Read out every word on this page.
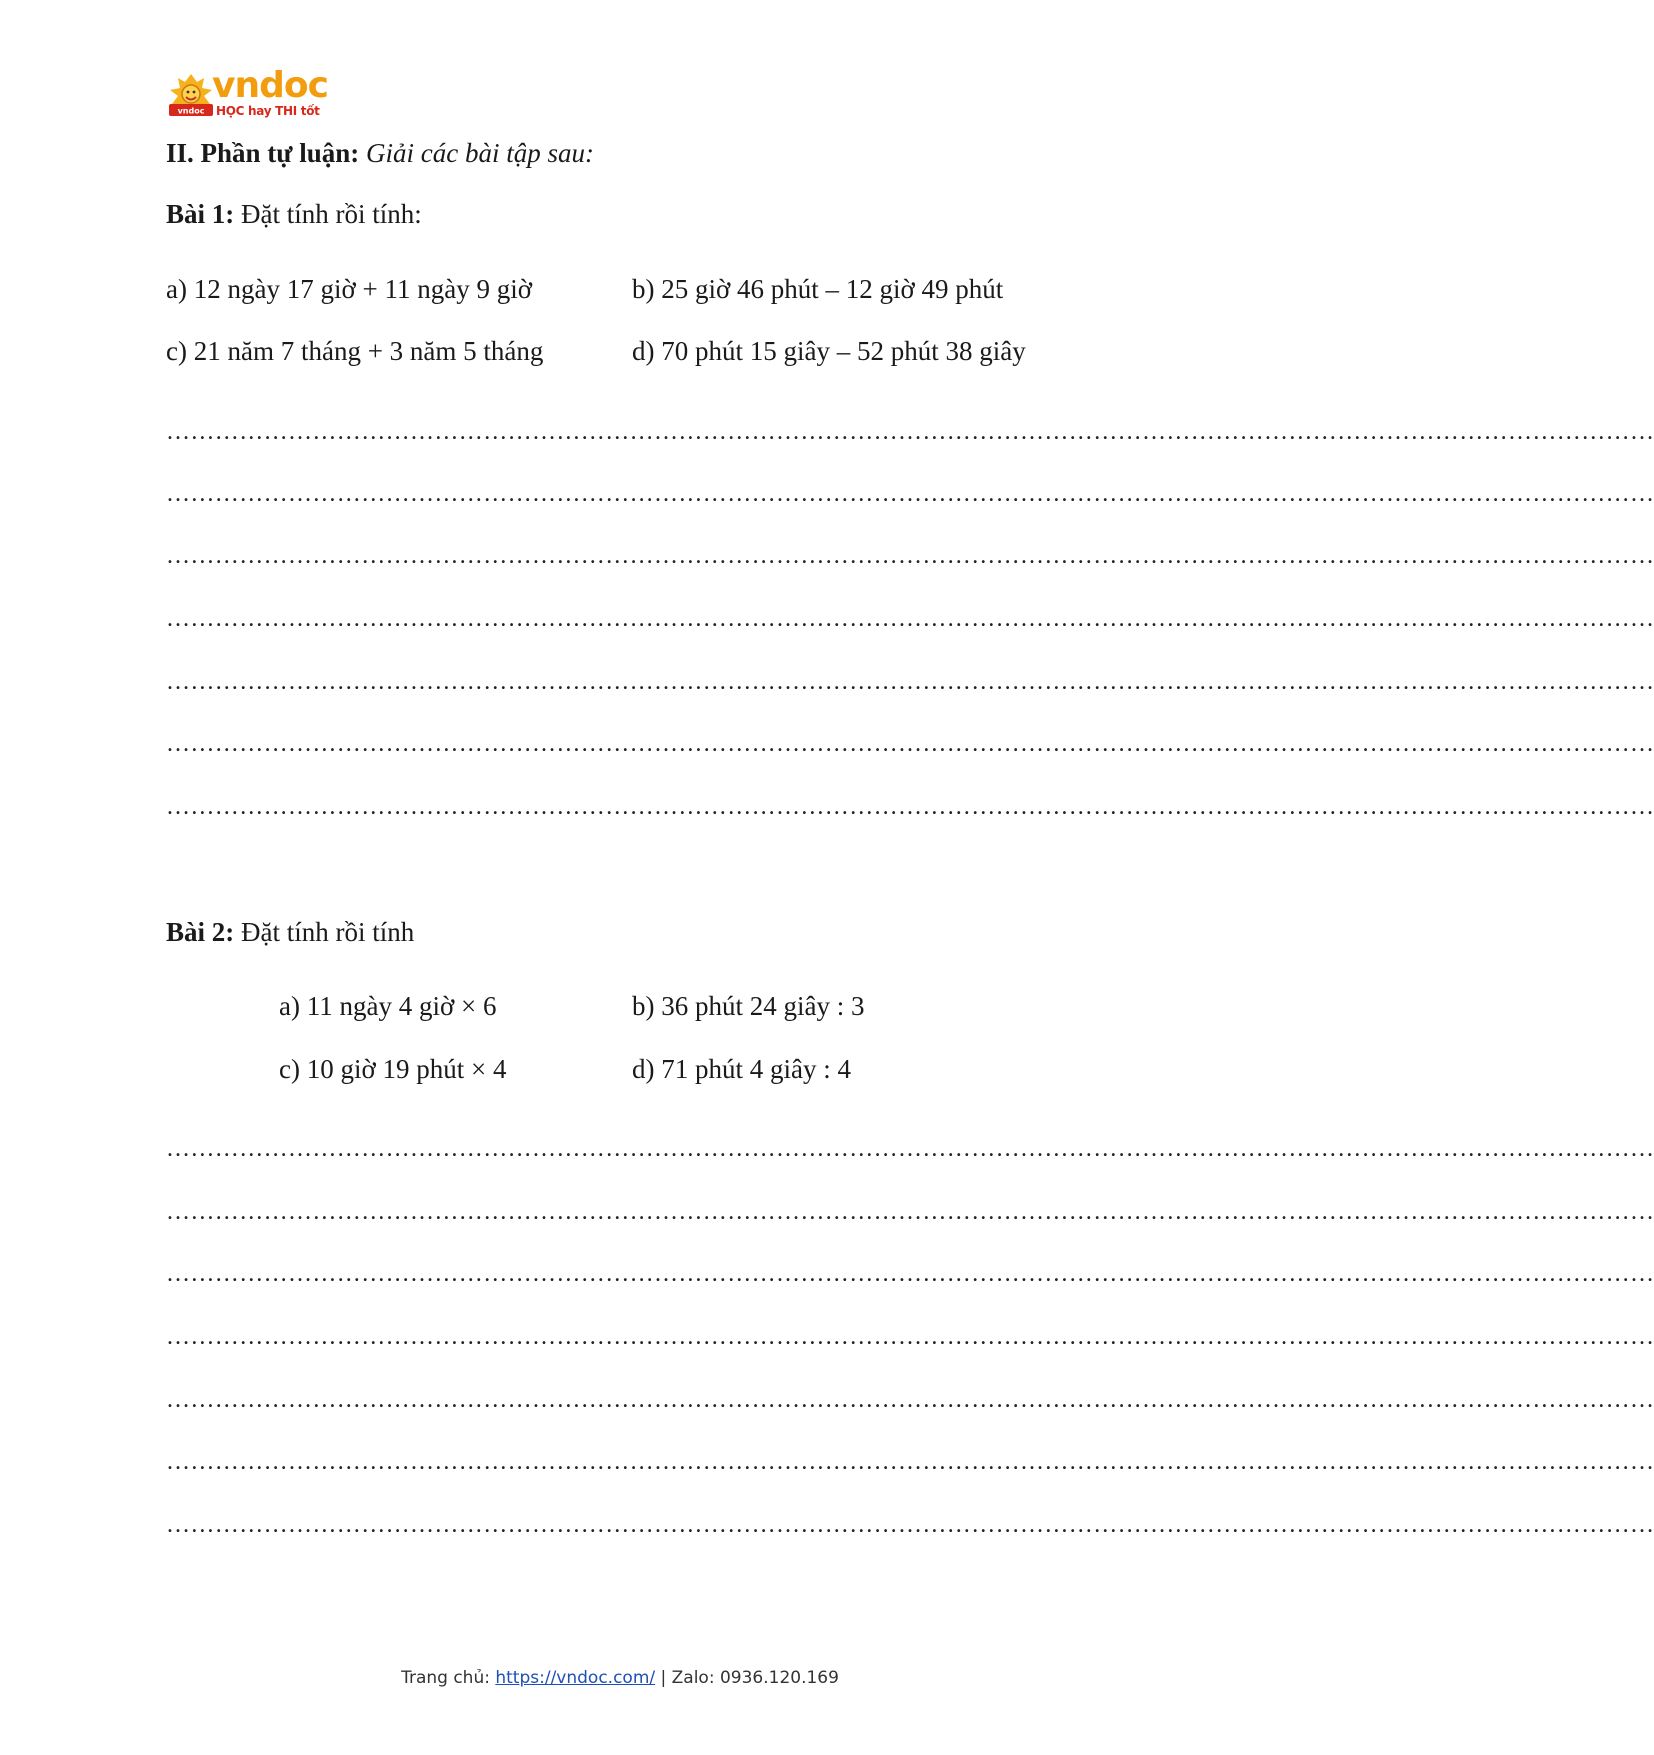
vndoc
vndoc
HỌC hay THI tốt
II. Phần tự luận: Giải các bài tập sau:
Bài 1: Đặt tính rồi tính:
a) 12 ngày 17 giờ + 11 ngày 9 giờ	b) 25 giờ 46 phút – 12 giờ 49 phút
c) 21 năm 7 tháng + 3 năm 5 tháng	d) 70 phút 15 giây – 52 phút 38 giây
…………………………………………………………………………………………………………………………………………………………………
…………………………………………………………………………………………………………………………………………………………………
…………………………………………………………………………………………………………………………………………………………………
…………………………………………………………………………………………………………………………………………………………………
…………………………………………………………………………………………………………………………………………………………………
…………………………………………………………………………………………………………………………………………………………………
…………………………………………………………………………………………………………………………………………………………………
Bài 2: Đặt tính rồi tính
a) 11 ngày 4 giờ × 6	b) 36 phút 24 giây : 3
c) 10 giờ 19 phút × 4	d) 71 phút 4 giây : 4
…………………………………………………………………………………………………………………………………………………………………
…………………………………………………………………………………………………………………………………………………………………
…………………………………………………………………………………………………………………………………………………………………
…………………………………………………………………………………………………………………………………………………………………
…………………………………………………………………………………………………………………………………………………………………
…………………………………………………………………………………………………………………………………………………………………
…………………………………………………………………………………………………………………………………………………………………
Trang chủ: https://vndoc.com/ | Zalo: 0936.120.169
